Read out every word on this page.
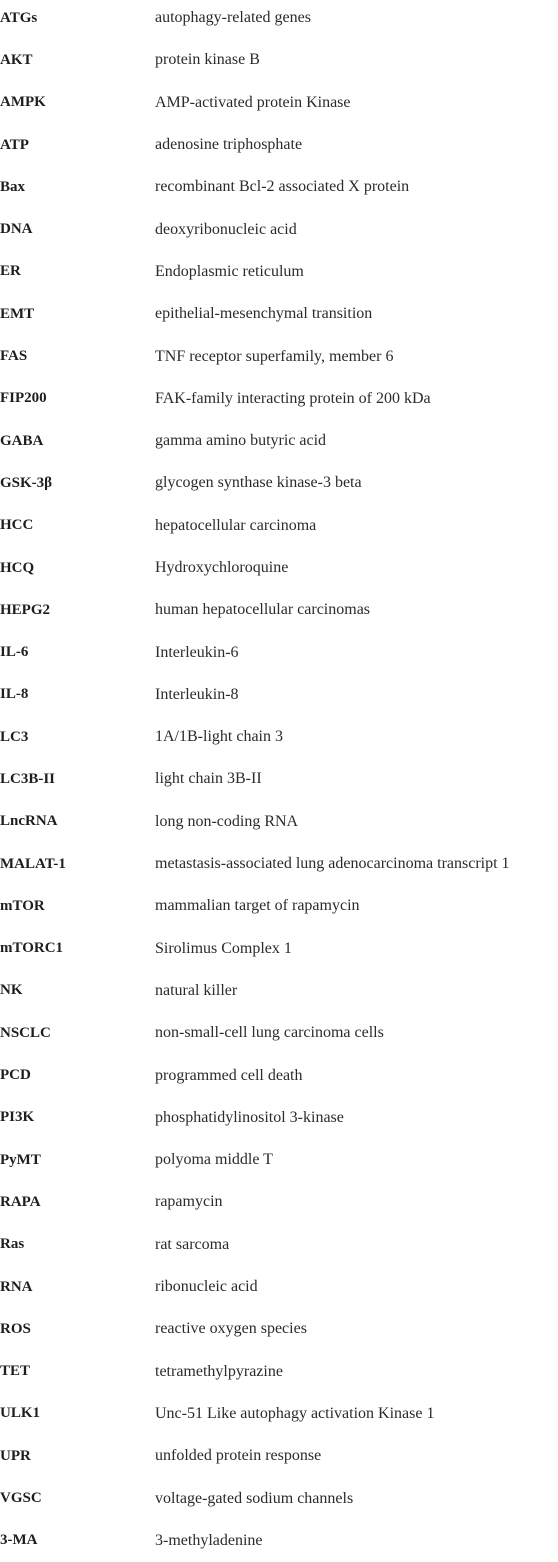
ATGs	autophagy-related genes
AKT	protein kinase B
AMPK	AMP-activated protein Kinase
ATP	adenosine triphosphate
Bax	recombinant Bcl-2 associated X protein
DNA	deoxyribonucleic acid
ER	Endoplasmic reticulum
EMT	epithelial-mesenchymal transition
FAS	TNF receptor superfamily, member 6
FIP200	FAK-family interacting protein of 200 kDa
GABA	gamma amino butyric acid
GSK-3β	glycogen synthase kinase-3 beta
HCC	hepatocellular carcinoma
HCQ	Hydroxychloroquine
HEPG2	human hepatocellular carcinomas
IL-6	Interleukin-6
IL-8	Interleukin-8
LC3	1A/1B-light chain 3
LC3B-II	light chain 3B-II
LncRNA	long non-coding RNA
MALAT-1	metastasis-associated lung adenocarcinoma transcript 1
mTOR	mammalian target of rapamycin
mTORC1	Sirolimus Complex 1
NK	natural killer
NSCLC	non-small-cell lung carcinoma cells
PCD	programmed cell death
PI3K	phosphatidylinositol 3-kinase
PyMT	polyoma middle T
RAPA	rapamycin
Ras	rat sarcoma
RNA	ribonucleic acid
ROS	reactive oxygen species
TET	tetramethylpyrazine
ULK1	Unc-51 Like autophagy activation Kinase 1
UPR	unfolded protein response
VGSC	voltage-gated sodium channels
3-MA	3-methyladenine
